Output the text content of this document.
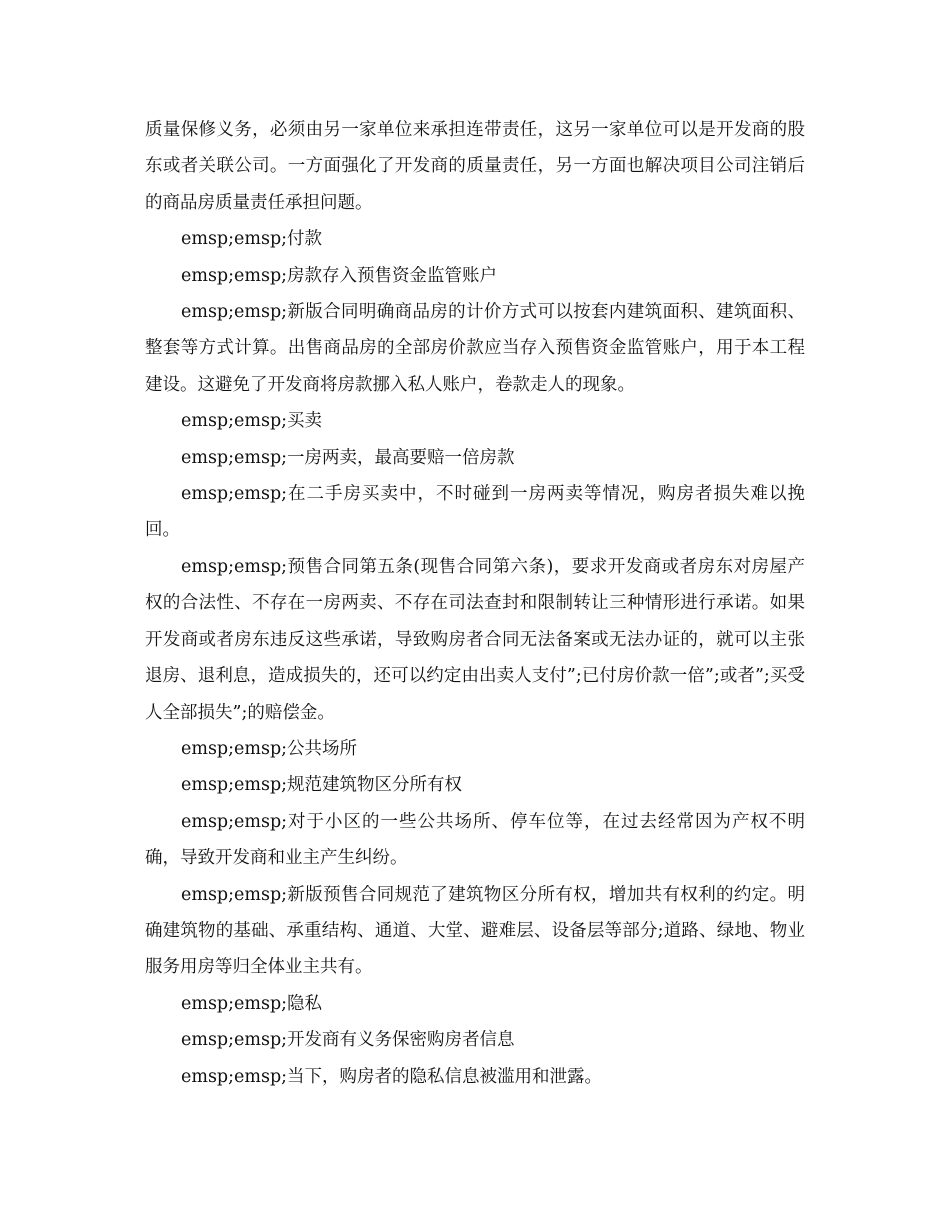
质量保修义务，必须由另一家单位来承担连带责任，这另一家单位可以是开发商的股东或者关联公司。一方面强化了开发商的质量责任，另一方面也解决项目公司注销后的商品房质量责任承担问题。

emsp;emsp;付款

emsp;emsp;房款存入预售资金监管账户

emsp;emsp;新版合同明确商品房的计价方式可以按套内建筑面积、建筑面积、整套等方式计算。出售商品房的全部房价款应当存入预售资金监管账户，用于本工程建设。这避免了开发商将房款挪入私人账户，卷款走人的现象。

emsp;emsp;买卖

emsp;emsp;一房两卖，最高要赔一倍房款

emsp;emsp;在二手房买卖中，不时碰到一房两卖等情况，购房者损失难以挽回。

emsp;emsp;预售合同第五条(现售合同第六条)，要求开发商或者房东对房屋产权的合法性、不存在一房两卖、不存在司法查封和限制转让三种情形进行承诺。如果开发商或者房东违反这些承诺，导致购房者合同无法备案或无法办证的，就可以主张退房、退利息，造成损失的，还可以约定由出卖人支付”;已付房价款一倍”;或者”;买受人全部损失”;的赔偿金。

emsp;emsp;公共场所

emsp;emsp;规范建筑物区分所有权

emsp;emsp;对于小区的一些公共场所、停车位等，在过去经常因为产权不明确，导致开发商和业主产生纠纷。

emsp;emsp;新版预售合同规范了建筑物区分所有权，增加共有权利的约定。明确建筑物的基础、承重结构、通道、大堂、避难层、设备层等部分;道路、绿地、物业服务用房等归全体业主共有。

emsp;emsp;隐私

emsp;emsp;开发商有义务保密购房者信息

emsp;emsp;当下，购房者的隐私信息被滥用和泄露。
